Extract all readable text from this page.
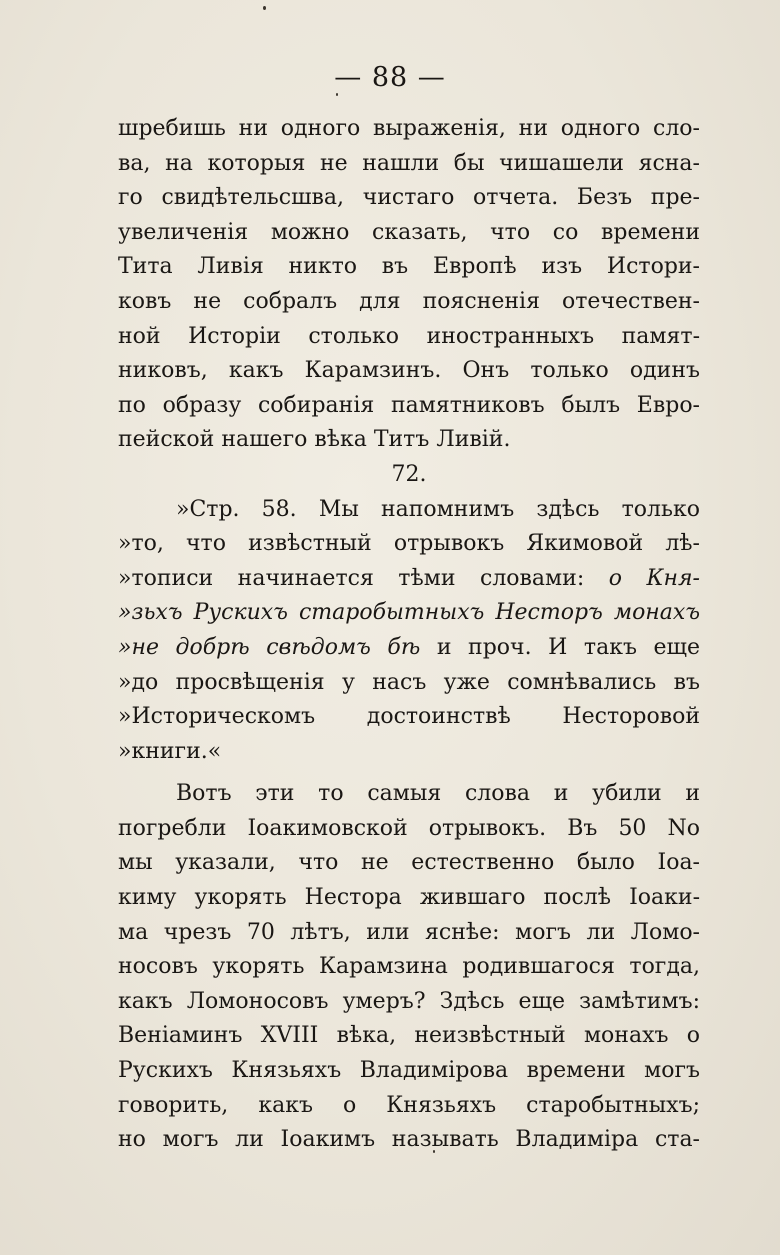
— 88 —
шребишь ни одного выраженія, ни одного сло-
ва, на которыя не нашли бы чишашели ясна-
го свидѣтельсшва, чистаго отчета. Безъ пре-
увеличенія можно сказать, что со времени
Тита Ливія никто въ Европѣ изъ Истори-
ковъ не собралъ для поясненія отечествен-
ной Исторіи столько иностранныхъ памят-
никовъ, какъ Карамзинъ. Онъ только одинъ
по образу собиранія памятниковъ былъ Евро-
пейской нашего вѣка Титъ Ливій.
72.
»Стр. 58. Мы напомнимъ здѣсь только
»то, что извѣстный отрывокъ Якимовой лѣ-
»тописи начинается тѣми словами: о Кня-
»зьхъ Рускихъ старобытныхъ Несторъ монахъ
»не добрѣ свѣдомъ бѣ и проч. И такъ еще
»до просвѣщенія у насъ уже сомнѣвались въ
»Историческомъ достоинствѣ Несторовой
»книги.«
Вотъ эти то самыя слова и убили и
погребли Іоакимовской отрывокъ. Въ 50 No
мы указали, что не естественно было Іоа-
киму укорять Нестора жившаго послѣ Іоаки-
ма чрезъ 70 лѣтъ, или яснѣе: могъ ли Ломо-
носовъ укорять Карамзина родившагося тогда,
какъ Ломоносовъ умеръ? Здѣсь еще замѣтимъ:
Веніаминъ XVIII вѣка, неизвѣстный монахъ о
Рускихъ Князьяхъ Владимірова времени могъ
говорить, какъ о Князьяхъ старобытныхъ;
но могъ ли Іоакимъ называть Владиміра ста-
